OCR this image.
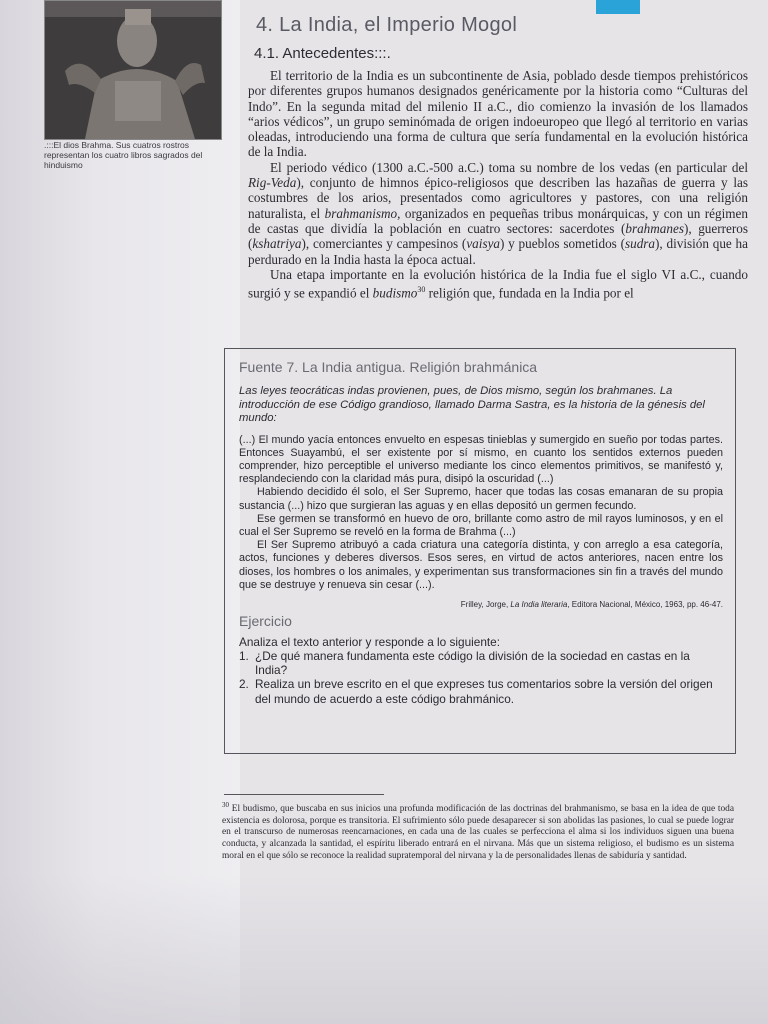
.:::El dios Brahma. Sus cuatros rostros representan los cuatro libros sagrados del hinduismo
4. La India, el Imperio Mogol
4.1. Antecedentes:::.

El territorio de la India es un subcontinente de Asia, poblado desde tiempos prehistóricos por diferentes grupos humanos designados genéricamente por la historia como “Culturas del Indo”. En la segunda mitad del milenio II a.C., dio comienzo la invasión de los llamados “arios védicos”, un grupo seminómada de origen indoeuropeo que llegó al territorio en varias oleadas, introduciendo una forma de cultura que sería fundamental en la evolución histórica de la India.

El periodo védico (1300 a.C.-500 a.C.) toma su nombre de los vedas (en particular del Rig-Veda), conjunto de himnos épico-religiosos que describen las hazañas de guerra y las costumbres de los arios, presentados como agricultores y pastores, con una religión naturalista, el brahmanismo, organizados en pequeñas tribus monárquicas, y con un régimen de castas que dividía la población en cuatro sectores: sacerdotes (brahmanes), guerreros (kshatriya), comerciantes y campesinos (vaisya) y pueblos sometidos (sudra), división que ha perdurado en la India hasta la época actual.

Una etapa importante en la evolución histórica de la India fue el siglo VI a.C., cuando surgió y se expandió el budismo$^{30}$ religión que, fundada en la India por el

Fuente 7. La India antigua. Religión brahmánica

Las leyes teocráticas indas provienen, pues, de Dios mismo, según los brahmanes. La introducción de ese Código grandioso, llamado Darma Sastra, es la historia de la génesis del mundo:

(...) El mundo yacía entonces envuelto en espesas tinieblas y sumergido en sueño por todas partes. Entonces Suayambú, el ser existente por sí mismo, en cuanto los sentidos externos pueden comprender, hizo perceptible el universo mediante los cinco elementos primitivos, se manifestó y, resplandeciendo con la claridad más pura, disipó la oscuridad (...)

Habiendo decidido él solo, el Ser Supremo, hacer que todas las cosas emanaran de su propia sustancia (...) hizo que surgieran las aguas y en ellas depositó un germen fecundo.

Ese germen se transformó en huevo de oro, brillante como astro de mil rayos luminosos, y en el cual el Ser Supremo se reveló en la forma de Brahma (...)

El Ser Supremo atribuyó a cada criatura una categoría distinta, y con arreglo a esa categoría, actos, funciones y deberes diversos. Esos seres, en virtud de actos anteriores, nacen entre los dioses, los hombres o los animales, y experimentan sus transformaciones sin fin a través del mundo que se destruye y renueva sin cesar (...).

Frilley, Jorge, La India literaria, Editora Nacional, México, 1963, pp. 46-47.
Ejercicio

Analiza el texto anterior y responde a lo siguiente:

1. ¿De qué manera fundamenta este código la división de la sociedad en castas en la India?
2. Realiza un breve escrito en el que expreses tus comentarios sobre la versión del origen del mundo de acuerdo a este código brahmánico.
$^{30}$ El budismo, que buscaba en sus inicios una profunda modificación de las doctrinas del brahmanismo, se basa en la idea de que toda existencia es dolorosa, porque es transitoria. El sufrimiento sólo puede desaparecer si son abolidas las pasiones, lo cual se puede lograr en el transcurso de numerosas reencarnaciones, en cada una de las cuales se perfecciona el alma si los individuos siguen una buena conducta, y alcanzada la santidad, el espíritu liberado entrará en el nirvana. Más que un sistema religioso, el budismo es un sistema moral en el que sólo se reconoce la realidad supratemporal del nirvana y la de personalidades llenas de sabiduría y santidad.
